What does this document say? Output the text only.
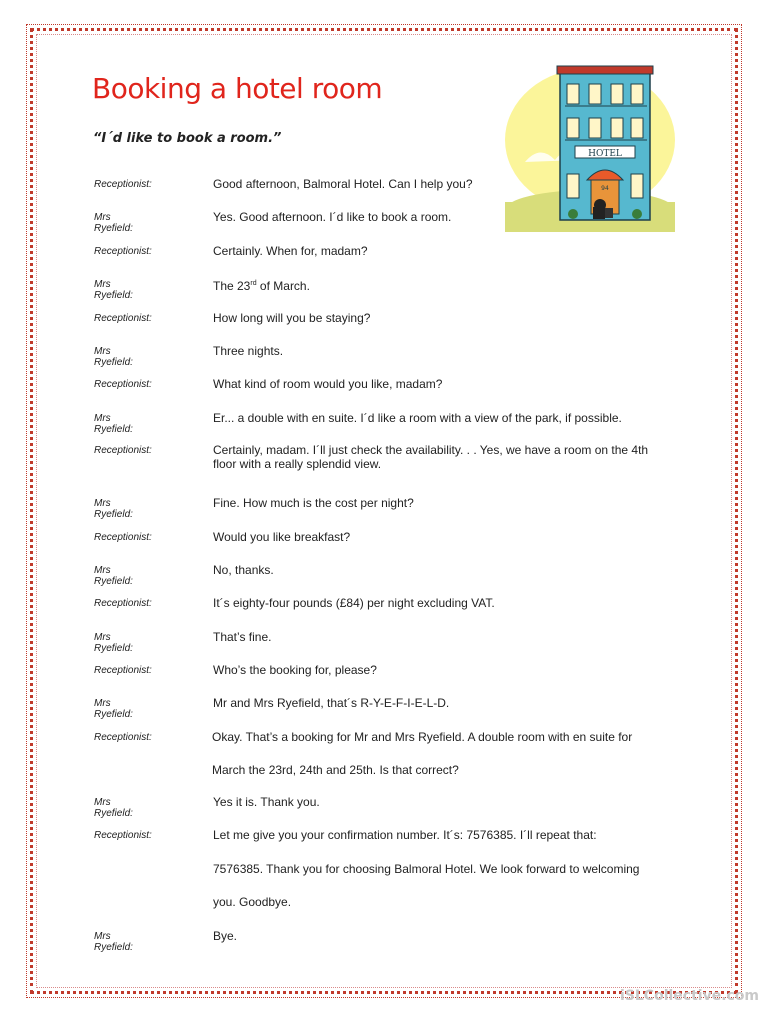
Booking a hotel room
“I´d like to book a room.”
HOTEL
94
Receptionist:	Good afternoon, Balmoral Hotel. Can I help you?
Mrs Ryefield:
Yes. Good afternoon. I´d like to book a room.
Receptionist:	Certainly. When for, madam?
Mrs Ryefield:
The 23rd of March.
Receptionist:	How long will you be staying?
Mrs Ryefield:
Three nights.
Receptionist:	What kind of room would you like, madam?
Mrs Ryefield:
Er... a double with en suite. I´d like a room with a view of the park, if possible.
Receptionist:	Certainly, madam. I´ll just check the availability. . . Yes, we have a room on the 4th floor with a really splendid view.
Mrs Ryefield:
Fine. How much is the cost per night?
Receptionist:	Would you like breakfast?
Mrs Ryefield:
No, thanks.
Receptionist:	It´s eighty-four pounds (£84) per night excluding VAT.
Mrs Ryefield:
That’s fine.
Receptionist:	Who’s the booking for, please?
Mrs Ryefield:
Mr and Mrs Ryefield, that´s R-Y-E-F-I-E-L-D.
Receptionist:	Okay. That’s a booking for Mr and Mrs Ryefield. A double room with en suite for
March the 23rd, 24th and 25th. Is that correct?
Mrs Ryefield:
Yes it is. Thank you.
Receptionist:	Let me give you your confirmation number. It´s: 7576385. I´ll repeat that:
7576385. Thank you for choosing Balmoral Hotel. We look forward to welcoming
you. Goodbye.
Mrs Ryefield:
Bye.
iSLCollective.com
